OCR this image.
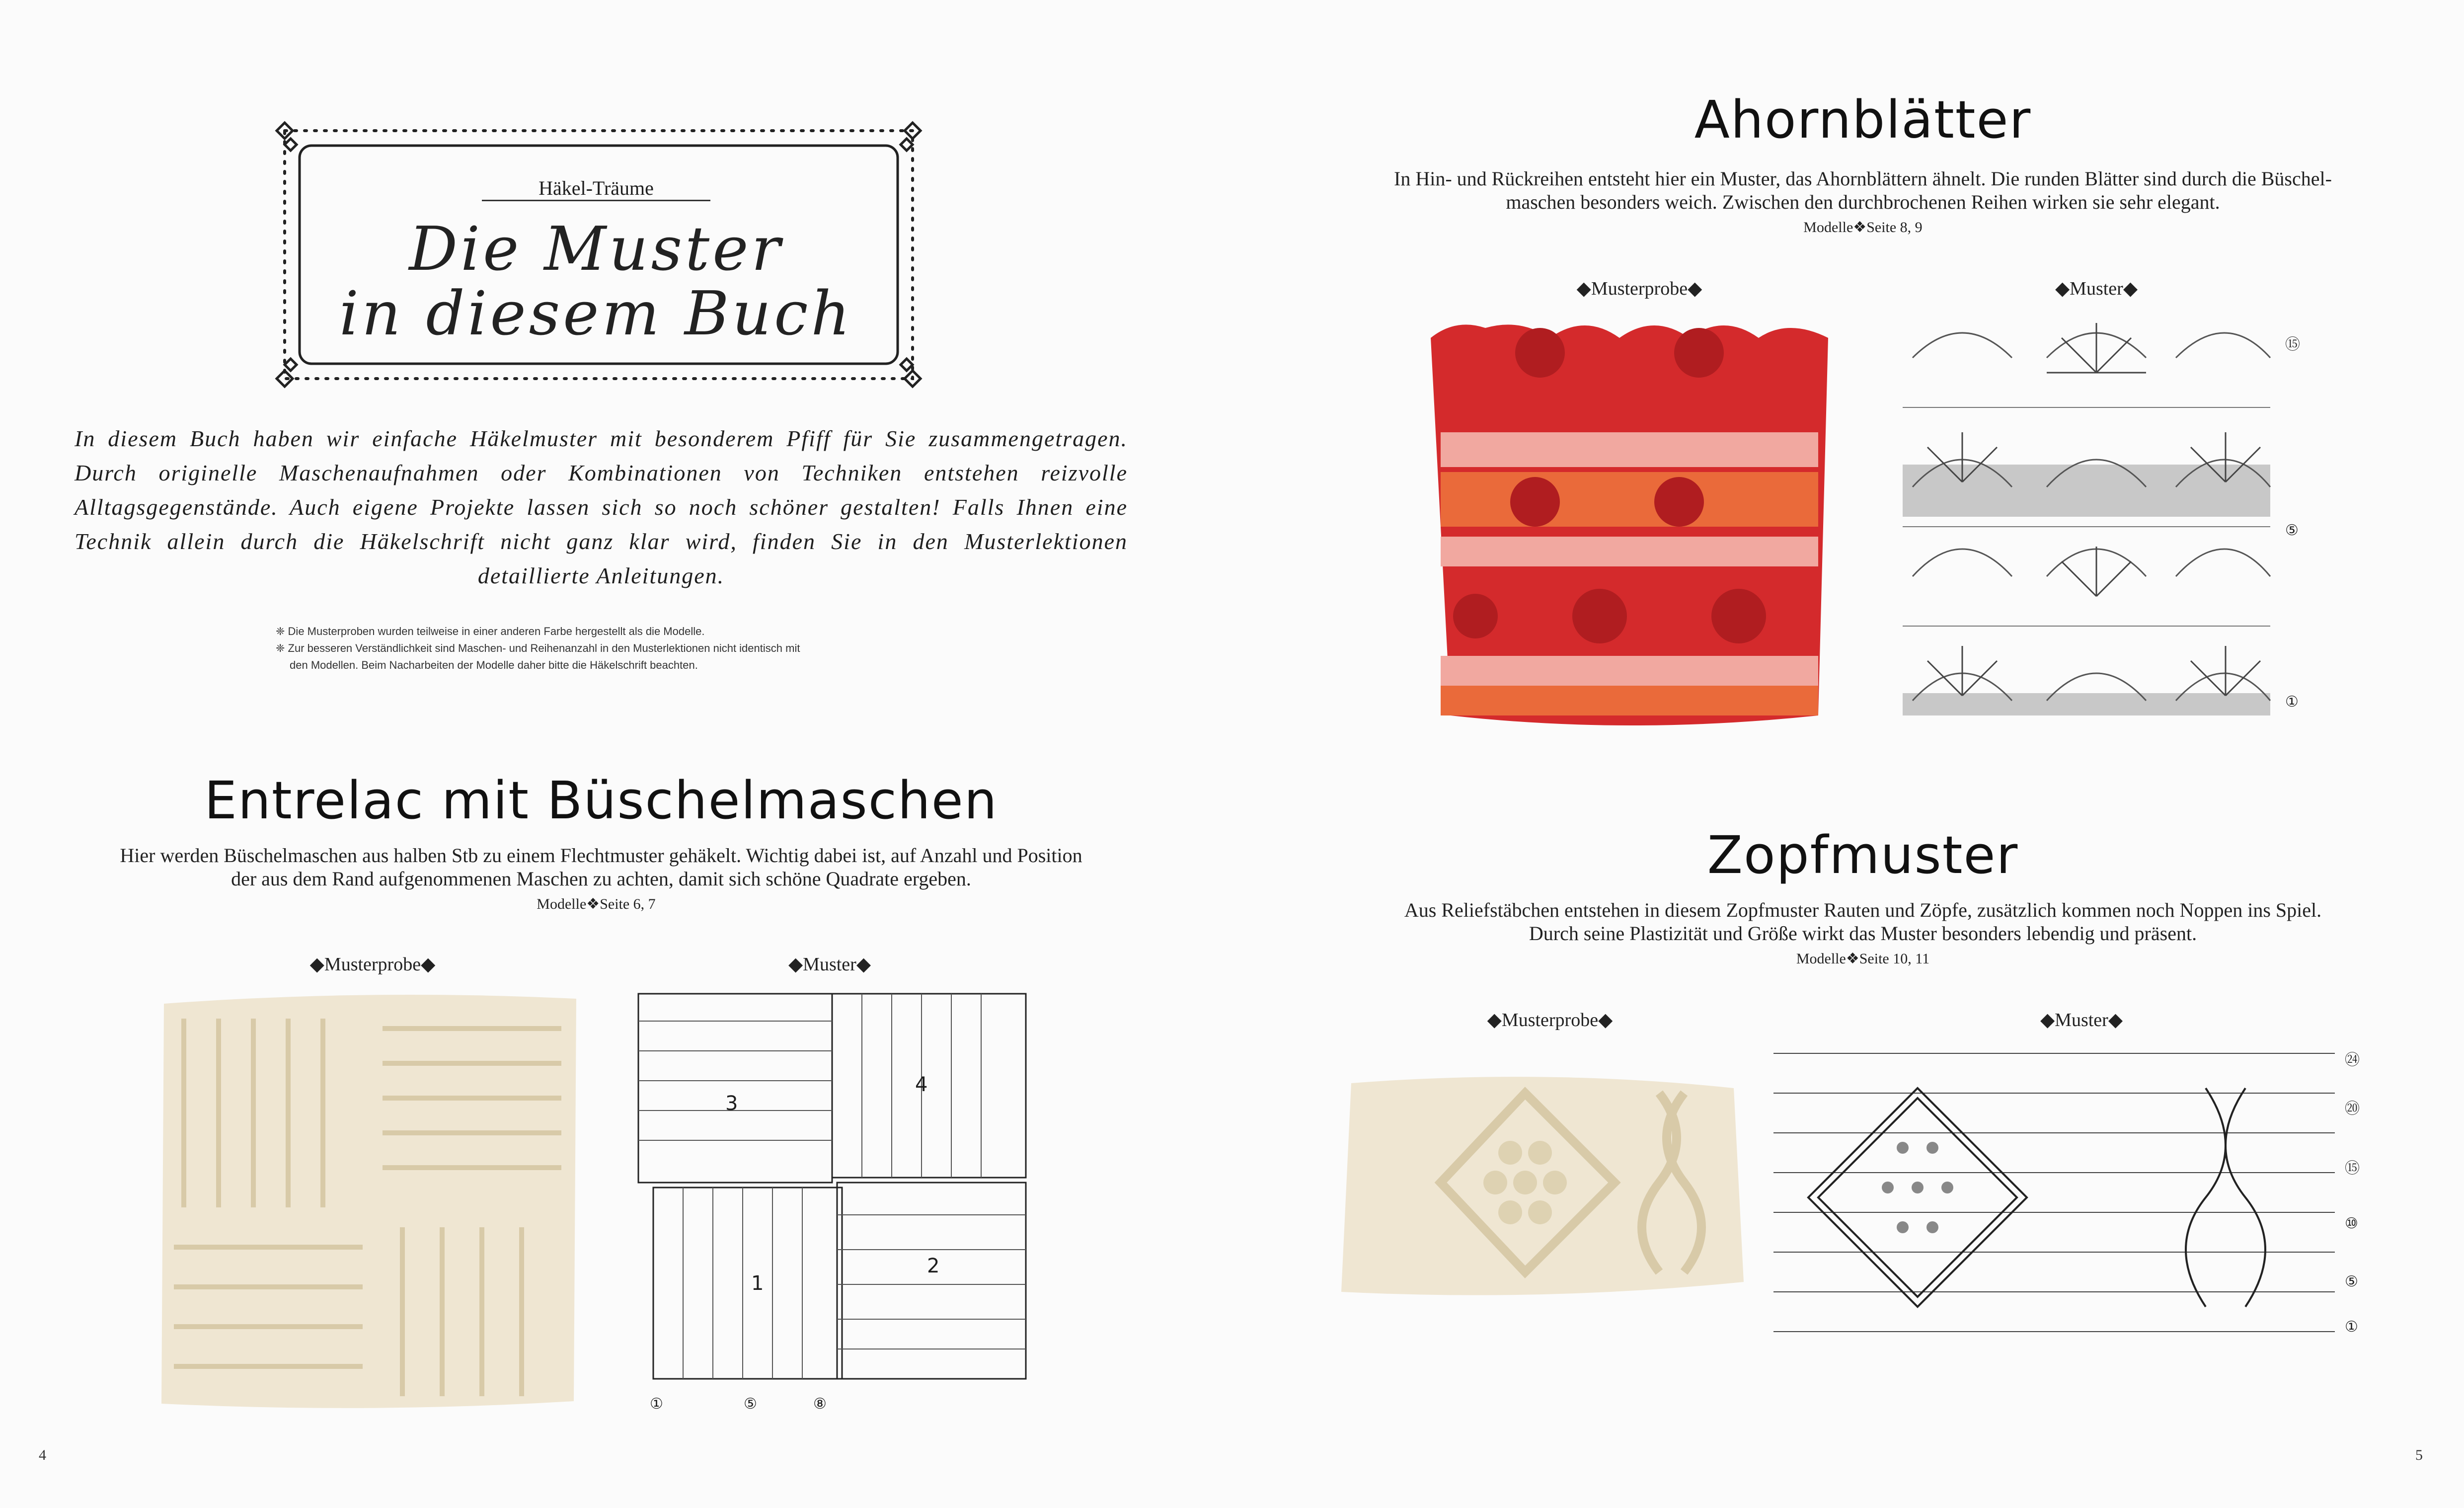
Häkel-Träume
Die Muster
in diesem Buch
In diesem Buch haben wir einfache Häkelmuster mit besonderem Pfiff für Sie zusammengetragen. Durch originelle Maschenaufnahmen oder Kombinationen von Techniken entstehen reizvolle Alltagsgegenstände. Auch eigene Projekte lassen sich so noch schöner gestalten! Falls Ihnen eine Technik allein durch die Häkelschrift nicht ganz klar wird, finden Sie in den Musterlektionen detaillierte Anleitungen.
❈ Die Musterproben wurden teilweise in einer anderen Farbe hergestellt als die Modelle.
❈ Zur besseren Verständlichkeit sind Maschen- und Reihenanzahl in den Musterlektionen nicht identisch mit
den Modellen. Beim Nacharbeiten der Modelle daher bitte die Häkelschrift beachten.
Ahornblätter
In Hin- und Rückreihen entsteht hier ein Muster, das Ahornblättern ähnelt. Die runden Blätter sind durch die Büschel-
maschen besonders weich. Zwischen den durchbrochenen Reihen wirken sie sehr elegant.
Modelle❖Seite 8, 9
◆Musterprobe◆	◆Muster◆
⑮
⑤
①
Entrelac mit Büschelmaschen
Hier werden Büschelmaschen aus halben Stb zu einem Flechtmuster gehäkelt. Wichtig dabei ist, auf Anzahl und Position
der aus dem Rand aufgenommenen Maschen zu achten, damit sich schöne Quadrate ergeben.
Modelle❖Seite 6, 7
◆Musterprobe◆	◆Muster◆
3
4
1
2
①	⑤	⑧
Zopfmuster
Aus Reliefstäbchen entstehen in diesem Zopfmuster Rauten und Zöpfe, zusätzlich kommen noch Noppen ins Spiel.
Durch seine Plastizität und Größe wirkt das Muster besonders lebendig und präsent.
Modelle❖Seite 10, 11
◆Musterprobe◆	◆Muster◆
㉔
⑳
⑮
⑩
⑤
①
4	5
